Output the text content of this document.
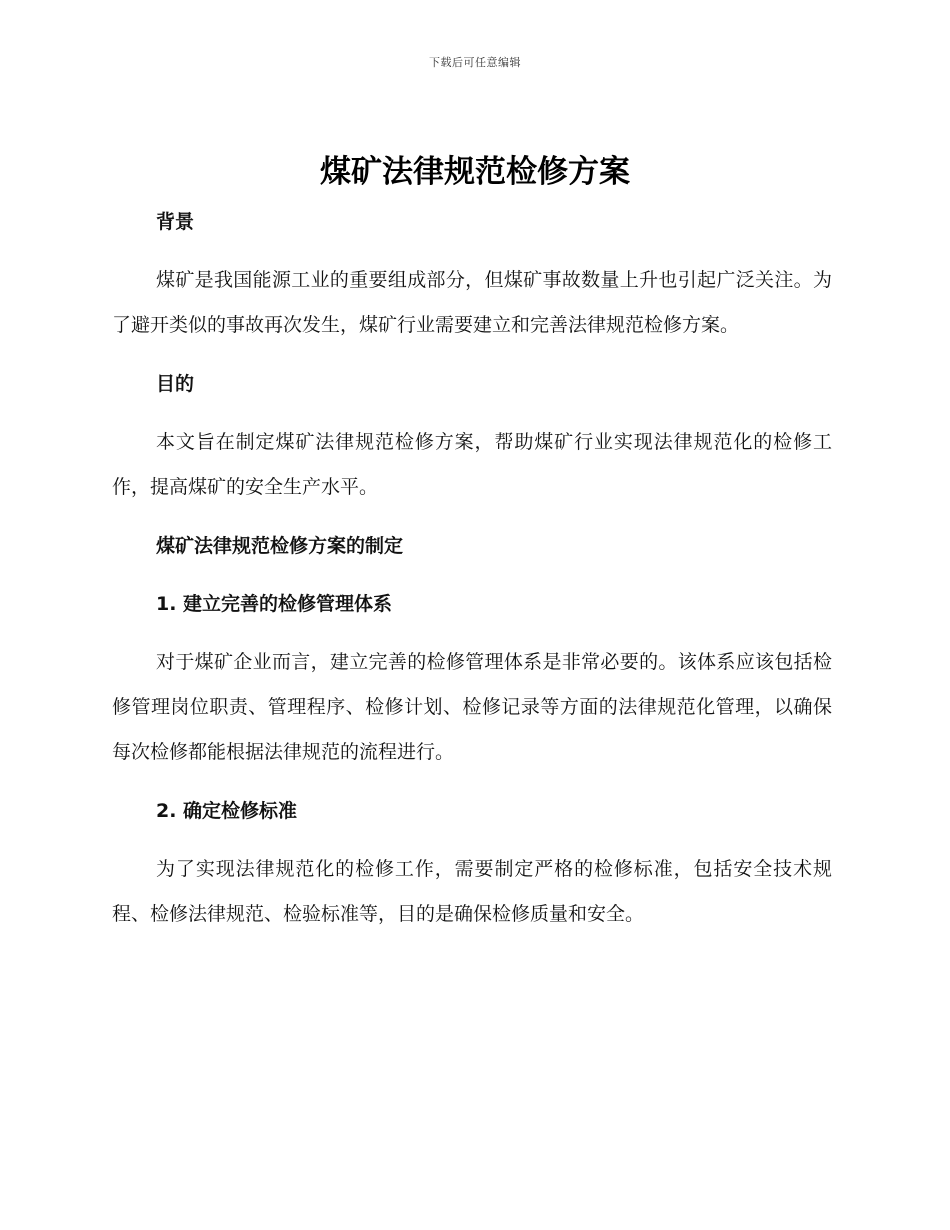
下载后可任意编辑
煤矿法律规范检修方案
背景

煤矿是我国能源工业的重要组成部分，但煤矿事故数量上升也引起广泛关注。为了避开类似的事故再次发生，煤矿行业需要建立和完善法律规范检修方案。

目的

本文旨在制定煤矿法律规范检修方案，帮助煤矿行业实现法律规范化的检修工作，提高煤矿的安全生产水平。

煤矿法律规范检修方案的制定
1. 建立完善的检修管理体系

对于煤矿企业而言，建立完善的检修管理体系是非常必要的。该体系应该包括检修管理岗位职责、管理程序、检修计划、检修记录等方面的法律规范化管理，以确保每次检修都能根据法律规范的流程进行。

2. 确定检修标准

为了实现法律规范化的检修工作，需要制定严格的检修标准，包括安全技术规程、检修法律规范、检验标准等，目的是确保检修质量和安全。
